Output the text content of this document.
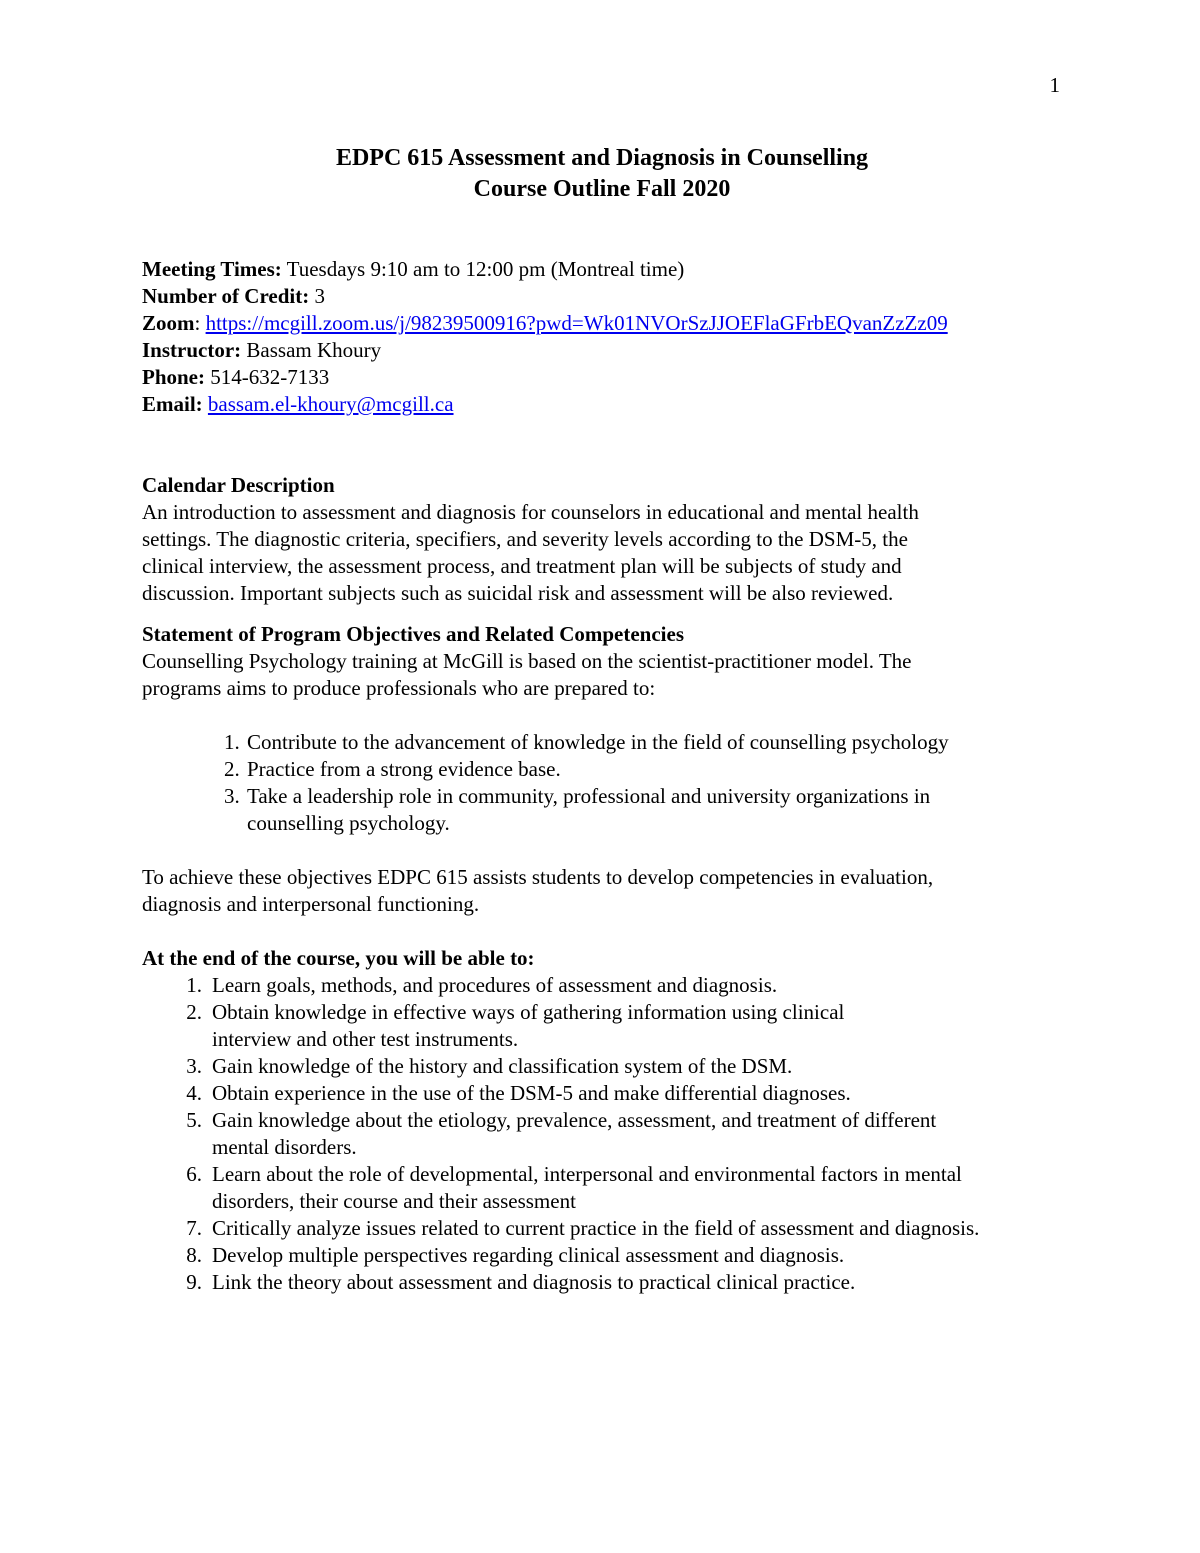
1
EDPC 615 Assessment and Diagnosis in Counselling
Course Outline Fall 2020
Meeting Times: Tuesdays 9:10 am to 12:00 pm (Montreal time)
Number of Credit: 3
Zoom: https://mcgill.zoom.us/j/98239500916?pwd=Wk01NVOrSzJJOEFlaGFrbEQvanZzZz09
Instructor: Bassam Khoury
Phone: 514-632-7133
Email: bassam.el-khoury@mcgill.ca
Calendar Description
An introduction to assessment and diagnosis for counselors in educational and mental health
settings. The diagnostic criteria, specifiers, and severity levels according to the DSM-5, the
clinical interview, the assessment process, and treatment plan will be subjects of study and
discussion. Important subjects such as suicidal risk and assessment will be also reviewed.
Statement of Program Objectives and Related Competencies
Counselling Psychology training at McGill is based on the scientist-practitioner model. The
programs aims to produce professionals who are prepared to:
1. Contribute to the advancement of knowledge in the field of counselling psychology
2. Practice from a strong evidence base.
3. Take a leadership role in community, professional and university organizations in
counselling psychology.
To achieve these objectives EDPC 615 assists students to develop competencies in evaluation,
diagnosis and interpersonal functioning.
At the end of the course, you will be able to:
1. Learn goals, methods, and procedures of assessment and diagnosis.
2. Obtain knowledge in effective ways of gathering information using clinical
interview and other test instruments.
3. Gain knowledge of the history and classification system of the DSM.
4. Obtain experience in the use of the DSM-5 and make differential diagnoses.
5. Gain knowledge about the etiology, prevalence, assessment, and treatment of different
mental disorders.
6. Learn about the role of developmental, interpersonal and environmental factors in mental
disorders, their course and their assessment
7. Critically analyze issues related to current practice in the field of assessment and diagnosis.
8. Develop multiple perspectives regarding clinical assessment and diagnosis.
9. Link the theory about assessment and diagnosis to practical clinical practice.
